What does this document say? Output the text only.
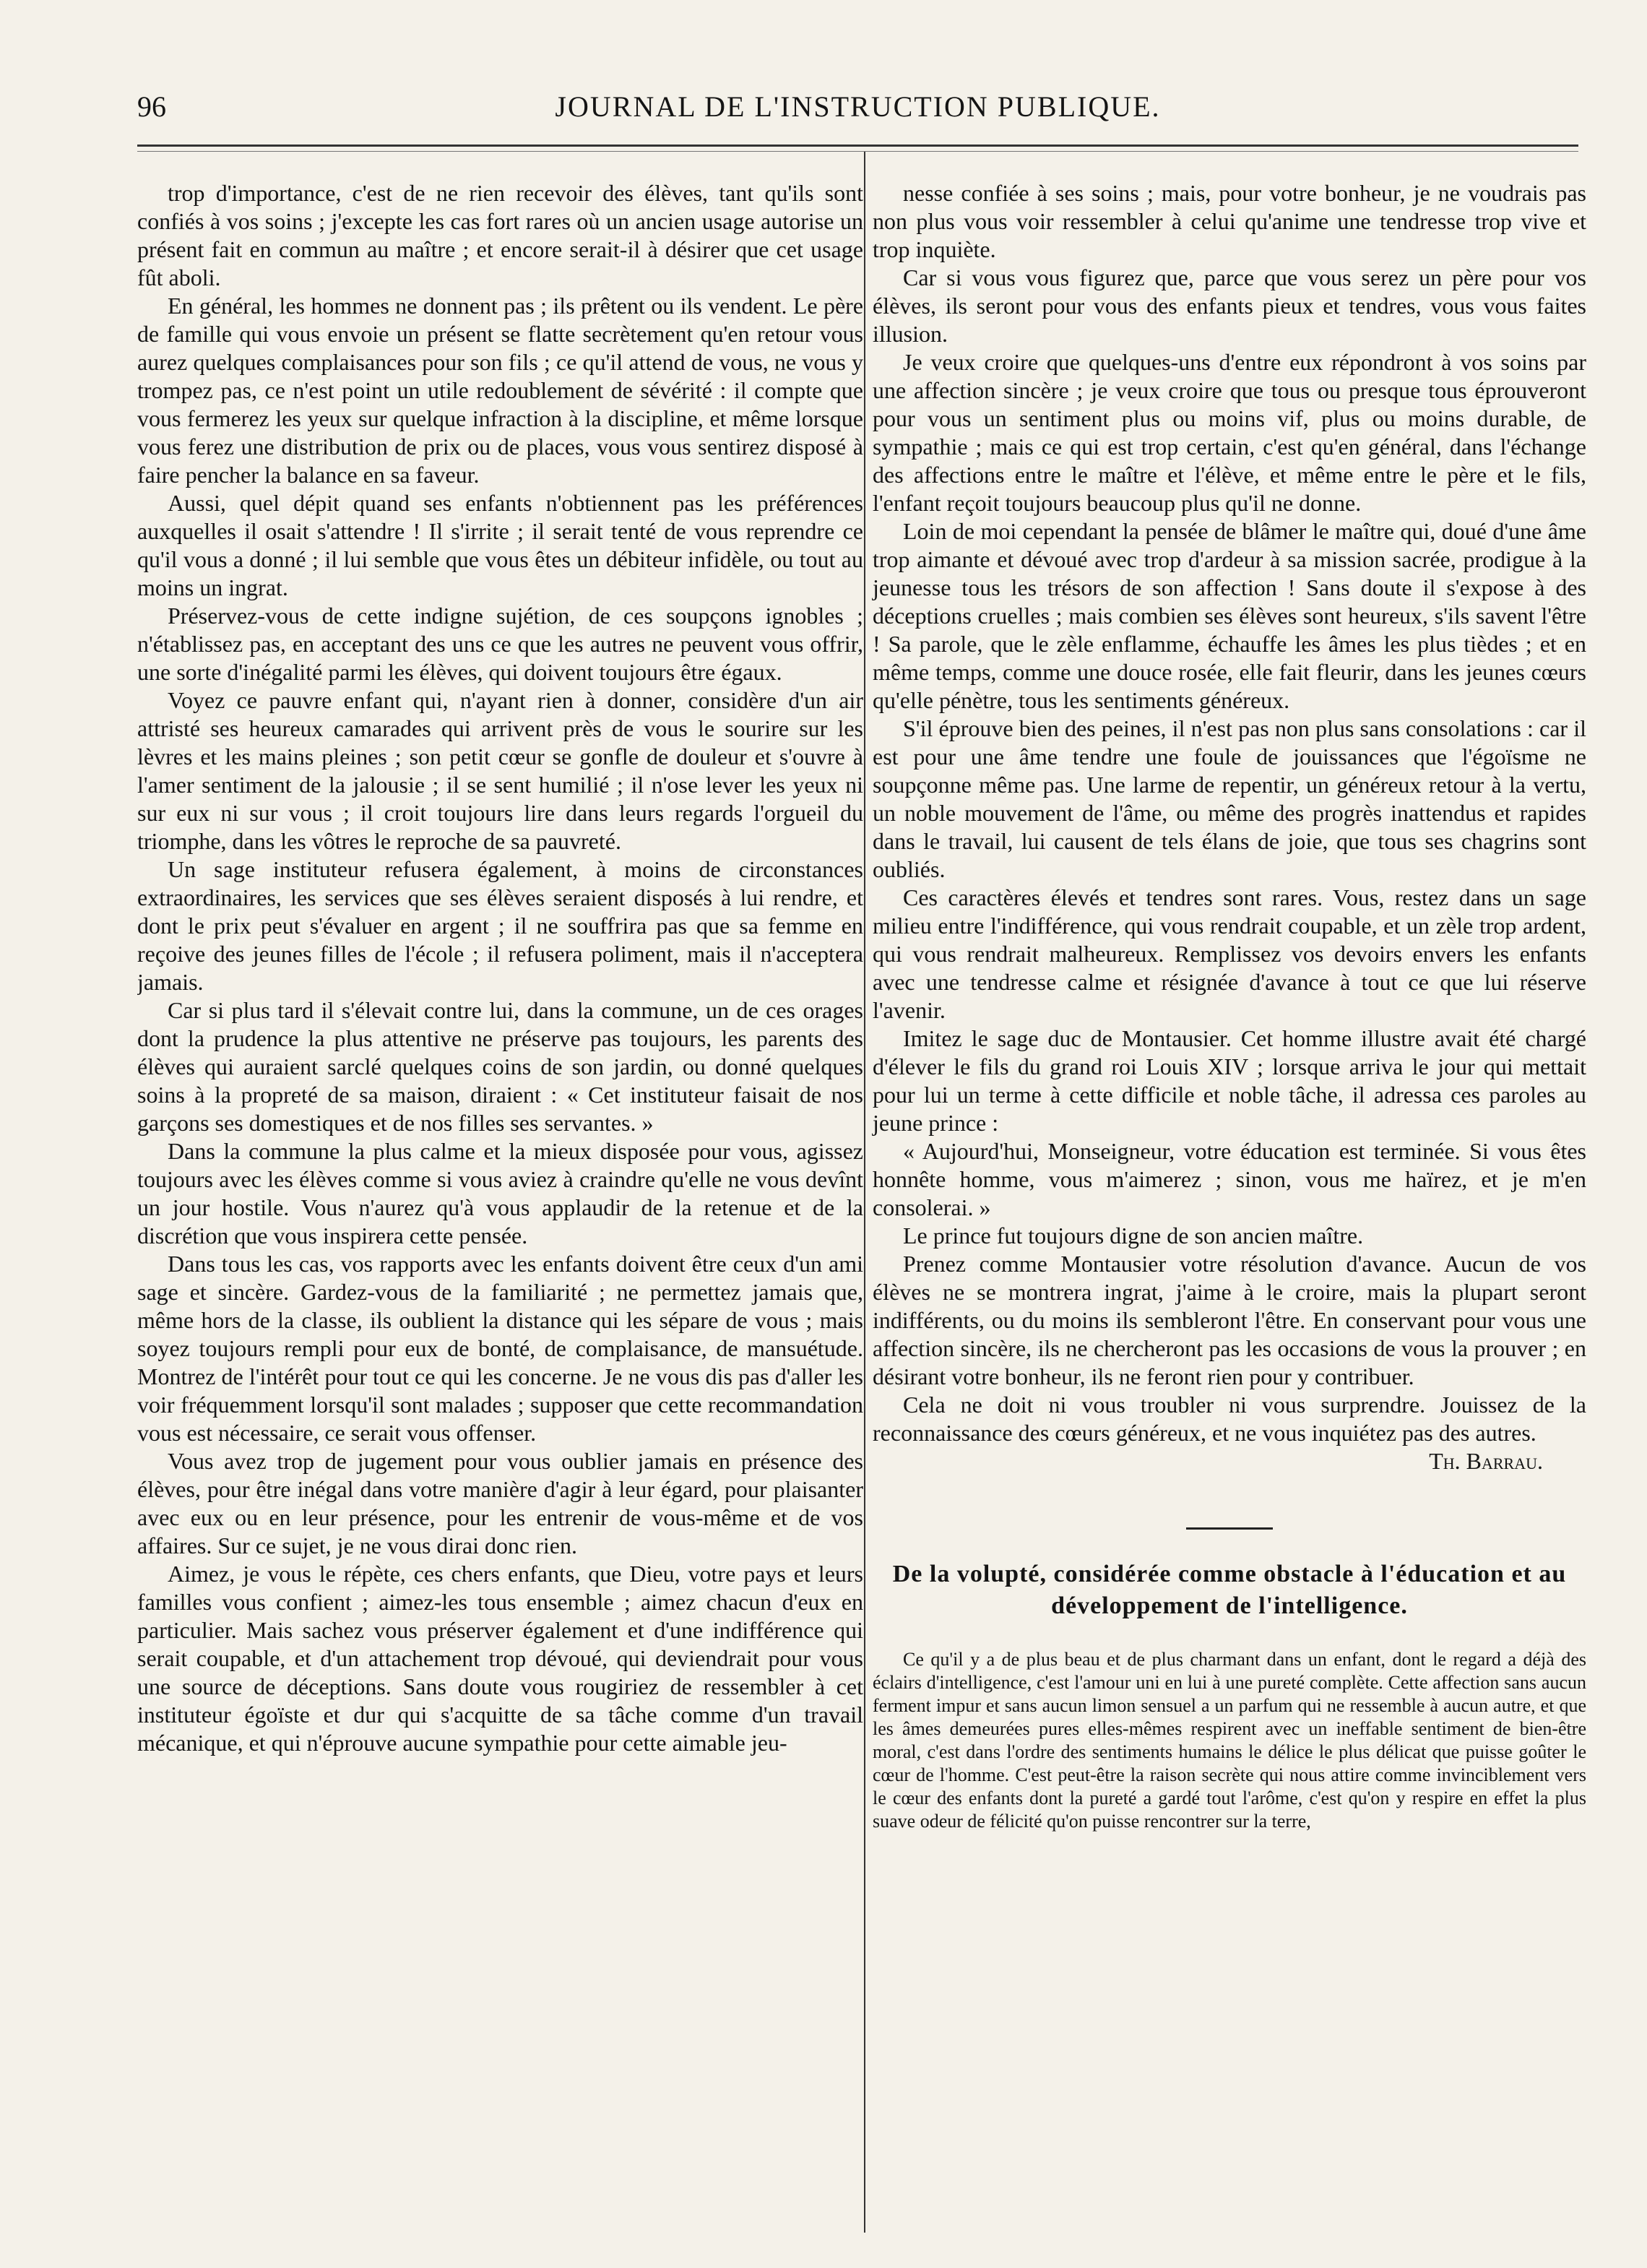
96	JOURNAL DE L'INSTRUCTION PUBLIQUE.

trop d'importance, c'est de ne rien recevoir des élèves, tant qu'ils sont confiés à vos soins ; j'excepte les cas fort rares où un ancien usage autorise un présent fait en commun au maître ; et encore serait-il à désirer que cet usage fût aboli.

En général, les hommes ne donnent pas ; ils prêtent ou ils vendent. Le père de famille qui vous envoie un présent se flatte secrètement qu'en retour vous aurez quelques complaisances pour son fils ; ce qu'il attend de vous, ne vous y trompez pas, ce n'est point un utile redoublement de sévérité : il compte que vous fermerez les yeux sur quelque infraction à la discipline, et même lorsque vous ferez une distribution de prix ou de places, vous vous sentirez disposé à faire pencher la balance en sa faveur.

Aussi, quel dépit quand ses enfants n'obtiennent pas les préférences auxquelles il osait s'attendre ! Il s'irrite ; il serait tenté de vous reprendre ce qu'il vous a donné ; il lui semble que vous êtes un débiteur infidèle, ou tout au moins un ingrat.

Préservez-vous de cette indigne sujétion, de ces soupçons ignobles ; n'établissez pas, en acceptant des uns ce que les autres ne peuvent vous offrir, une sorte d'inégalité parmi les élèves, qui doivent toujours être égaux.

Voyez ce pauvre enfant qui, n'ayant rien à donner, considère d'un air attristé ses heureux camarades qui arrivent près de vous le sourire sur les lèvres et les mains pleines ; son petit cœur se gonfle de douleur et s'ouvre à l'amer sentiment de la jalousie ; il se sent humilié ; il n'ose lever les yeux ni sur eux ni sur vous ; il croit toujours lire dans leurs regards l'orgueil du triomphe, dans les vôtres le reproche de sa pauvreté.

Un sage instituteur refusera également, à moins de circonstances extraordinaires, les services que ses élèves seraient disposés à lui rendre, et dont le prix peut s'évaluer en argent ; il ne souffrira pas que sa femme en reçoive des jeunes filles de l'école ; il refusera poliment, mais il n'acceptera jamais.

Car si plus tard il s'élevait contre lui, dans la commune, un de ces orages dont la prudence la plus attentive ne préserve pas toujours, les parents des élèves qui auraient sarclé quelques coins de son jardin, ou donné quelques soins à la propreté de sa maison, diraient : « Cet instituteur faisait de nos garçons ses domestiques et de nos filles ses servantes. »

Dans la commune la plus calme et la mieux disposée pour vous, agissez toujours avec les élèves comme si vous aviez à craindre qu'elle ne vous devînt un jour hostile. Vous n'aurez qu'à vous applaudir de la retenue et de la discrétion que vous inspirera cette pensée.

Dans tous les cas, vos rapports avec les enfants doivent être ceux d'un ami sage et sincère. Gardez-vous de la familiarité ; ne permettez jamais que, même hors de la classe, ils oublient la distance qui les sépare de vous ; mais soyez toujours rempli pour eux de bonté, de complaisance, de mansuétude. Montrez de l'intérêt pour tout ce qui les concerne. Je ne vous dis pas d'aller les voir fréquemment lorsqu'il sont malades ; supposer que cette recommandation vous est nécessaire, ce serait vous offenser.

Vous avez trop de jugement pour vous oublier jamais en présence des élèves, pour être inégal dans votre manière d'agir à leur égard, pour plaisanter avec eux ou en leur présence, pour les entrenir de vous-même et de vos affaires. Sur ce sujet, je ne vous dirai donc rien.

Aimez, je vous le répète, ces chers enfants, que Dieu, votre pays et leurs familles vous confient ; aimez-les tous ensemble ; aimez chacun d'eux en particulier. Mais sachez vous préserver également et d'une indifférence qui serait coupable, et d'un attachement trop dévoué, qui deviendrait pour vous une source de déceptions. Sans doute vous rougiriez de ressembler à cet instituteur égoïste et dur qui s'acquitte de sa tâche comme d'un travail mécanique, et qui n'éprouve aucune sympathie pour cette aimable jeu-

nesse confiée à ses soins ; mais, pour votre bonheur, je ne voudrais pas non plus vous voir ressembler à celui qu'anime une tendresse trop vive et trop inquiète.

Car si vous vous figurez que, parce que vous serez un père pour vos élèves, ils seront pour vous des enfants pieux et tendres, vous vous faites illusion.

Je veux croire que quelques-uns d'entre eux répondront à vos soins par une affection sincère ; je veux croire que tous ou presque tous éprouveront pour vous un sentiment plus ou moins vif, plus ou moins durable, de sympathie ; mais ce qui est trop certain, c'est qu'en général, dans l'échange des affections entre le maître et l'élève, et même entre le père et le fils, l'enfant reçoit toujours beaucoup plus qu'il ne donne.

Loin de moi cependant la pensée de blâmer le maître qui, doué d'une âme trop aimante et dévoué avec trop d'ardeur à sa mission sacrée, prodigue à la jeunesse tous les trésors de son affection ! Sans doute il s'expose à des déceptions cruelles ; mais combien ses élèves sont heureux, s'ils savent l'être ! Sa parole, que le zèle enflamme, échauffe les âmes les plus tièdes ; et en même temps, comme une douce rosée, elle fait fleurir, dans les jeunes cœurs qu'elle pénètre, tous les sentiments généreux.

S'il éprouve bien des peines, il n'est pas non plus sans consolations : car il est pour une âme tendre une foule de jouissances que l'égoïsme ne soupçonne même pas. Une larme de repentir, un généreux retour à la vertu, un noble mouvement de l'âme, ou même des progrès inattendus et rapides dans le travail, lui causent de tels élans de joie, que tous ses chagrins sont oubliés.

Ces caractères élevés et tendres sont rares. Vous, restez dans un sage milieu entre l'indifférence, qui vous rendrait coupable, et un zèle trop ardent, qui vous rendrait malheureux. Remplissez vos devoirs envers les enfants avec une tendresse calme et résignée d'avance à tout ce que lui réserve l'avenir.

Imitez le sage duc de Montausier. Cet homme illustre avait été chargé d'élever le fils du grand roi Louis XIV ; lorsque arriva le jour qui mettait pour lui un terme à cette difficile et noble tâche, il adressa ces paroles au jeune prince :

« Aujourd'hui, Monseigneur, votre éducation est terminée. Si vous êtes honnête homme, vous m'aimerez ; sinon, vous me haïrez, et je m'en consolerai. »

Le prince fut toujours digne de son ancien maître.

Prenez comme Montausier votre résolution d'avance. Aucun de vos élèves ne se montrera ingrat, j'aime à le croire, mais la plupart seront indifférents, ou du moins ils sembleront l'être. En conservant pour vous une affection sincère, ils ne chercheront pas les occasions de vous la prouver ; en désirant votre bonheur, ils ne feront rien pour y contribuer.

Cela ne doit ni vous troubler ni vous surprendre. Jouissez de la reconnaissance des cœurs généreux, et ne vous inquiétez pas des autres.

Th. Barrau.

De la volupté, considérée comme obstacle à l'éducation et au développement de l'intelligence.

Ce qu'il y a de plus beau et de plus charmant dans un enfant, dont le regard a déjà des éclairs d'intelligence, c'est l'amour uni en lui à une pureté complète. Cette affection sans aucun ferment impur et sans aucun limon sensuel a un parfum qui ne ressemble à aucun autre, et que les âmes demeurées pures elles-mêmes respirent avec un ineffable sentiment de bien-être moral, c'est dans l'ordre des sentiments humains le délice le plus délicat que puisse goûter le cœur de l'homme. C'est peut-être la raison secrète qui nous attire comme invinciblement vers le cœur des enfants dont la pureté a gardé tout l'arôme, c'est qu'on y respire en effet la plus suave odeur de félicité qu'on puisse rencontrer sur la terre,
